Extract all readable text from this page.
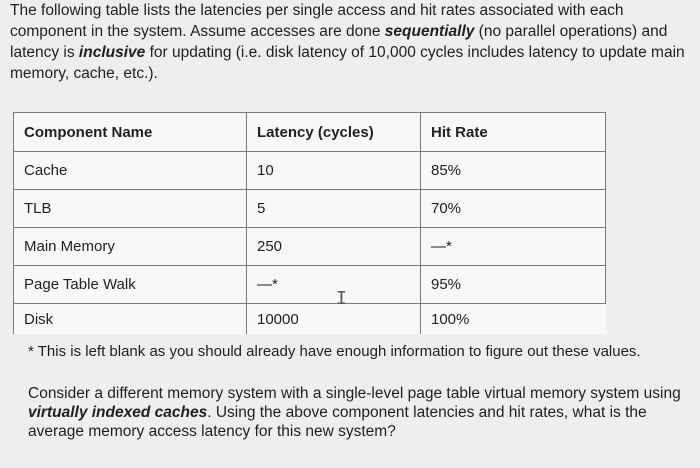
The following table lists the latencies per single access and hit rates associated with each component in the system. Assume accesses are done sequentially (no parallel operations) and latency is inclusive for updating (i.e. disk latency of 10,000 cycles includes latency to update main memory, cache, etc.).
Component Name	Latency (cycles)	Hit Rate
Cache	10	85%
TLB	5	70%
Main Memory	250	—*
Page Table Walk	—*	95%
Disk	10000	100%
I
* This is left blank as you should already have enough information to figure out these values.
Consider a different memory system with a single-level page table virtual memory system using virtually indexed caches. Using the above component latencies and hit rates, what is the average memory access latency for this new system?
